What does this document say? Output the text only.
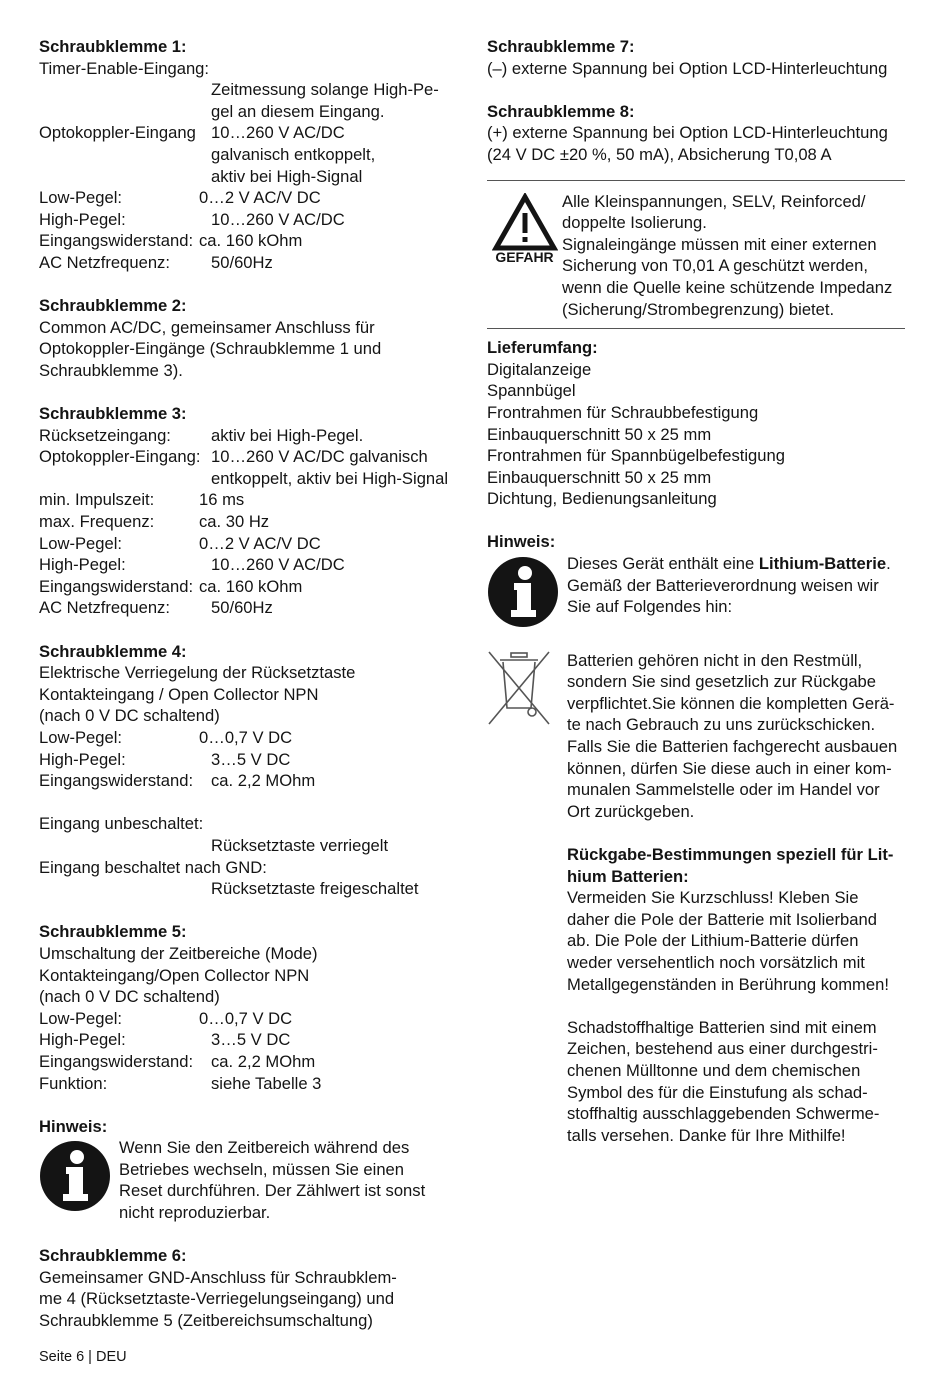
Schraubklemme 1:
Timer-Enable-Eingang:
Zeitmessung solange High-Pe-
gel an diesem Eingang.
Optokoppler-Eingang 10…260 V AC/DC
galvanisch entkoppelt,
aktiv bei High-Signal
Low-Pegel:	0…2 V AC/V DC
High-Pegel:	10…260 V AC/DC
Eingangswiderstand: ca. 160 kOhm
AC Netzfrequenz:	50/60Hz
Schraubklemme 2:
Common AC/DC, gemeinsamer Anschluss für
Optokoppler-Eingänge (Schraubklemme 1 und
Schraubklemme 3).
Schraubklemme 3:
Rücksetzeingang:	aktiv bei High-Pegel.
Optokoppler-Eingang: 10…260 V AC/DC galvanisch
entkoppelt, aktiv bei High-Signal
min. Impulszeit:	16 ms
max. Frequenz:	ca. 30 Hz
Low-Pegel:	0…2 V AC/V DC
High-Pegel:	10…260 V AC/DC
Eingangswiderstand: ca. 160 kOhm
AC Netzfrequenz:	50/60Hz
Schraubklemme 4:
Elektrische Verriegelung der Rücksetztaste
Kontakteingang / Open Collector NPN
(nach 0 V DC schaltend)
Low-Pegel:	0…0,7 V DC
High-Pegel:	3…5 V DC
Eingangswiderstand:	ca. 2,2 MOhm
Eingang unbeschaltet:
Rücksetztaste verriegelt
Eingang beschaltet nach GND:
Rücksetztaste freigeschaltet
Schraubklemme 5:
Umschaltung der Zeitbereiche (Mode)
Kontakteingang/Open Collector NPN
(nach 0 V DC schaltend)
Low-Pegel:	0…0,7 V DC
High-Pegel:	3…5 V DC
Eingangswiderstand:	ca. 2,2 MOhm
Funktion:	siehe Tabelle 3
Hinweis:
Wenn Sie den Zeitbereich während des
Betriebes wechseln, müssen Sie einen
Reset durchführen. Der Zählwert ist sonst
nicht reproduzierbar.
Schraubklemme 6:
Gemeinsamer GND-Anschluss für Schraubklem-
me 4 (Rücksetztaste-Verriegelungseingang) und
Schraubklemme 5 (Zeitbereichsumschaltung)
Schraubklemme 7:
(–) externe Spannung bei Option LCD-Hinterleuchtung
Schraubklemme 8:
(+) externe Spannung bei Option LCD-Hinterleuchtung
(24 V DC ±20 %, 50 mA), Absicherung T0,08 A
GEFAHR
Alle Kleinspannungen, SELV, Reinforced/
doppelte Isolierung.
Signaleingänge müssen mit einer externen
Sicherung von T0,01 A geschützt werden,
wenn die Quelle keine schützende Impedanz
(Sicherung/Strombegrenzung) bietet.
Lieferumfang:
Digitalanzeige
Spannbügel
Frontrahmen für Schraubbefestigung
Einbauquerschnitt 50 x 25 mm
Frontrahmen für Spannbügelbefestigung
Einbauquerschnitt 50 x 25 mm
Dichtung, Bedienungsanleitung
Hinweis:
Dieses Gerät enthält eine Lithium-Batterie.
Gemäß der Batterieverordnung weisen wir
Sie auf Folgendes hin:
Batterien gehören nicht in den Restmüll,
sondern Sie sind gesetzlich zur Rückgabe
verpflichtet.Sie können die kompletten Gerä-
te nach Gebrauch zu uns zurückschicken.
Falls Sie die Batterien fachgerecht ausbauen
können, dürfen Sie diese auch in einer kom-
munalen Sammelstelle oder im Handel vor
Ort zurückgeben.
Rückgabe-Bestimmungen speziell für Lit-
hium Batterien:
Vermeiden Sie Kurzschluss! Kleben Sie
daher die Pole der Batterie mit Isolierband
ab. Die Pole der Lithium-Batterie dürfen
weder versehentlich noch vorsätzlich mit
Metallgegenständen in Berührung kommen!
Schadstoffhaltige Batterien sind mit einem
Zeichen, bestehend aus einer durchgestri-
chenen Mülltonne und dem chemischen
Symbol des für die Einstufung als schad-
stoffhaltig ausschlaggebenden Schwerme-
talls versehen. Danke für Ihre Mithilfe!
Seite 6 | DEU
